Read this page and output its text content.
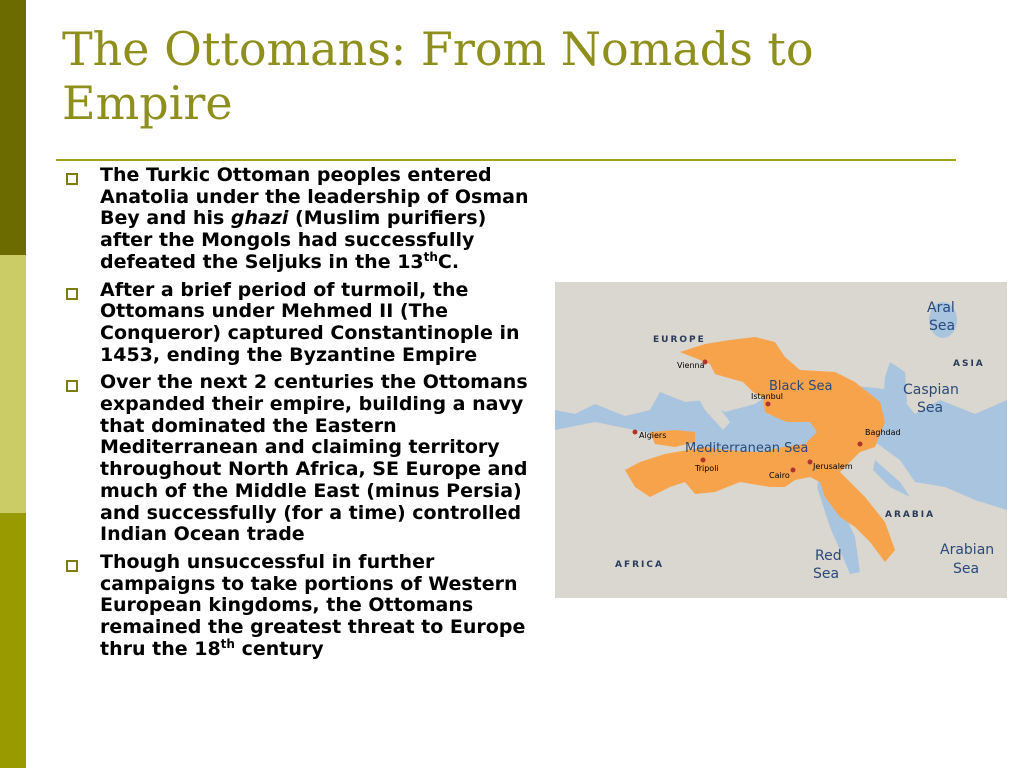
The Ottomans: From Nomads to Empire
The Turkic Ottoman peoples entered Anatolia under the leadership of Osman Bey and his ghazi (Muslim purifiers) after the Mongols had successfully defeated the Seljuks in the 13thC.
After a brief period of turmoil, the Ottomans under Mehmed II (The Conqueror) captured Constantinople in 1453, ending the Byzantine Empire
Over the next 2 centuries the Ottomans expanded their empire, building a navy that dominated the Eastern Mediterranean and claiming territory throughout North Africa, SE Europe and much of the Middle East (minus Persia) and successfully (for a time) controlled Indian Ocean trade
Though unsuccessful in further campaigns to take portions of Western European kingdoms, the Ottomans remained the greatest threat to Europe thru the 18th century
EUROPE
ASIA
AFRICA
ARABIA
Aral
Sea
Black Sea	Caspian
Sea
Mediterranean Sea
Red
Sea
Arabian
Sea
Vienna
Istanbul
Algiers
Tripoli
Cairo
Jerusalem
Baghdad
